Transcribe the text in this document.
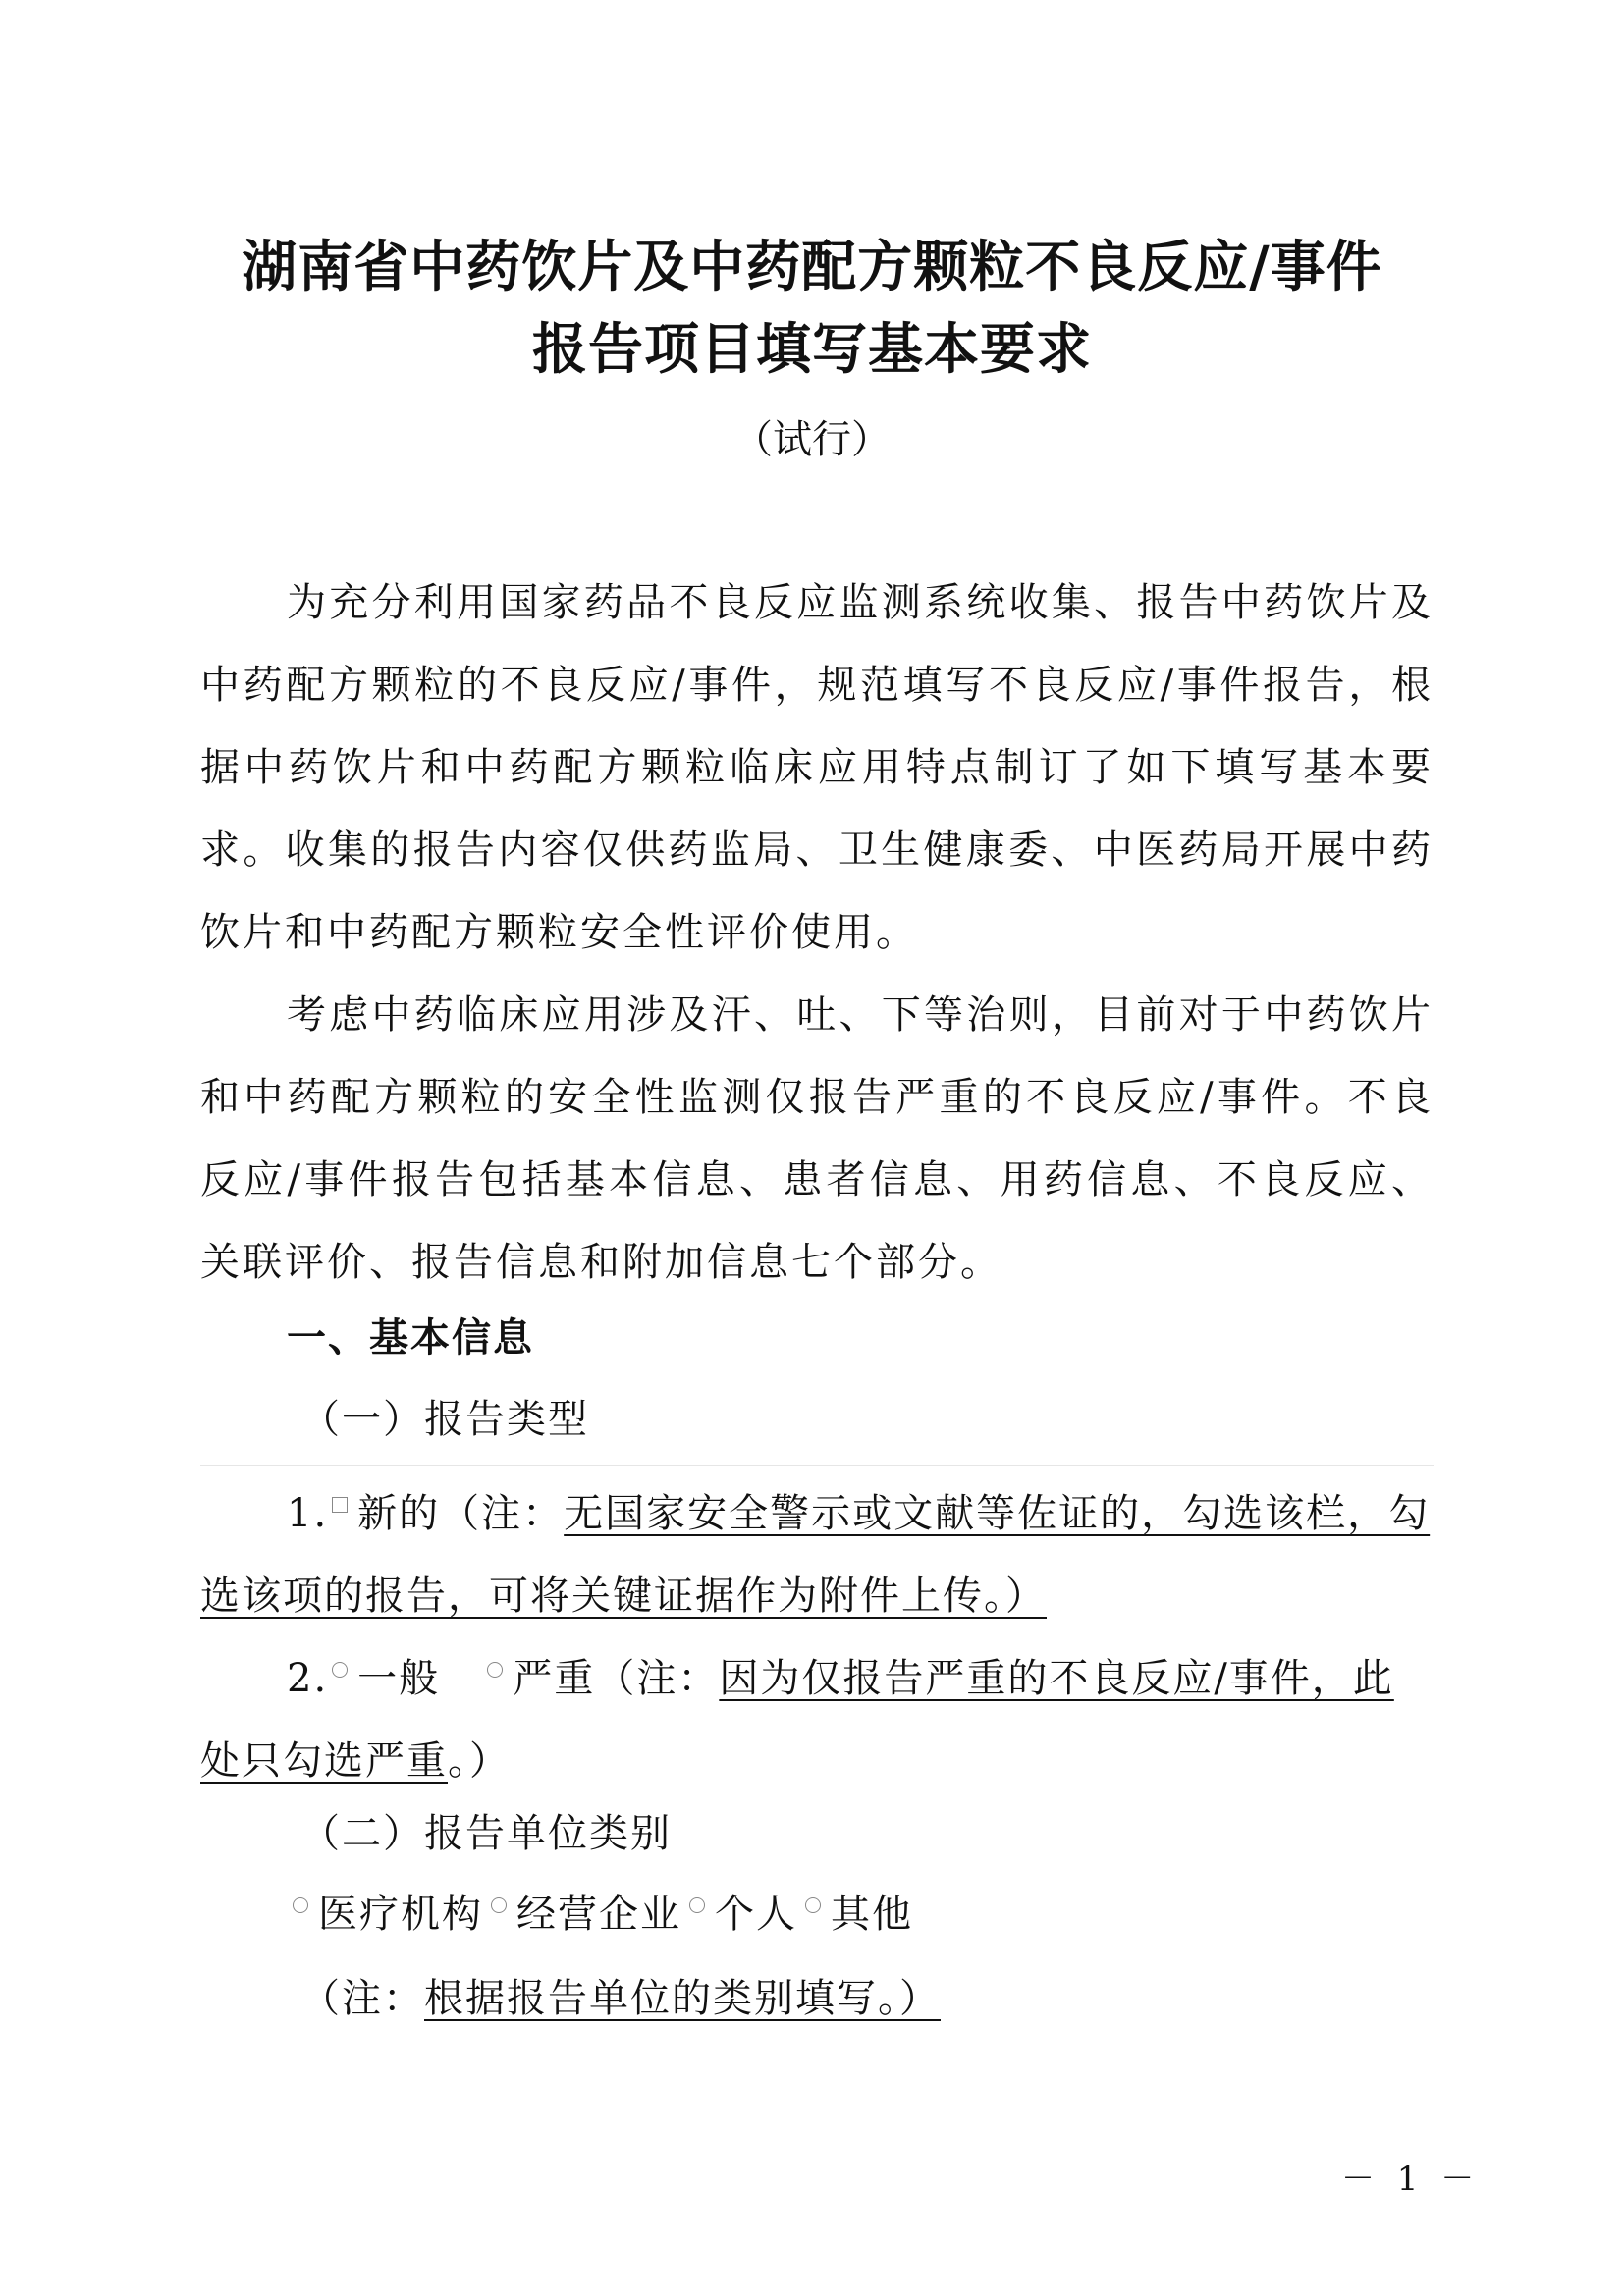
湖南省中药饮片及中药配方颗粒不良反应/事件
报告项目填写基本要求
（试行）
为充分利用国家药品不良反应监测系统收集、报告中药饮片及中药配方颗粒的不良反应/事件，规范填写不良反应/事件报告，根据中药饮片和中药配方颗粒临床应用特点制订了如下填写基本要求。收集的报告内容仅供药监局、卫生健康委、中医药局开展中药饮片和中药配方颗粒安全性评价使用。
考虑中药临床应用涉及汗、吐、下等治则，目前对于中药饮片和中药配方颗粒的安全性监测仅报告严重的不良反应/事件。不良反应/事件报告包括基本信息、患者信息、用药信息、不良反应、关联评价、报告信息和附加信息七个部分。
一、基本信息
（一）报告类型
1. 新的（注：无国家安全警示或文献等佐证的，勾选该栏，勾选该项的报告，可将关键证据作为附件上传。）
2. 一般 严重（注：因为仅报告严重的不良反应/事件，此处只勾选严重。）
（二）报告单位类别
医疗机构 经营企业 个人 其他
（注：根据报告单位的类别填写。）
－ 1 －
